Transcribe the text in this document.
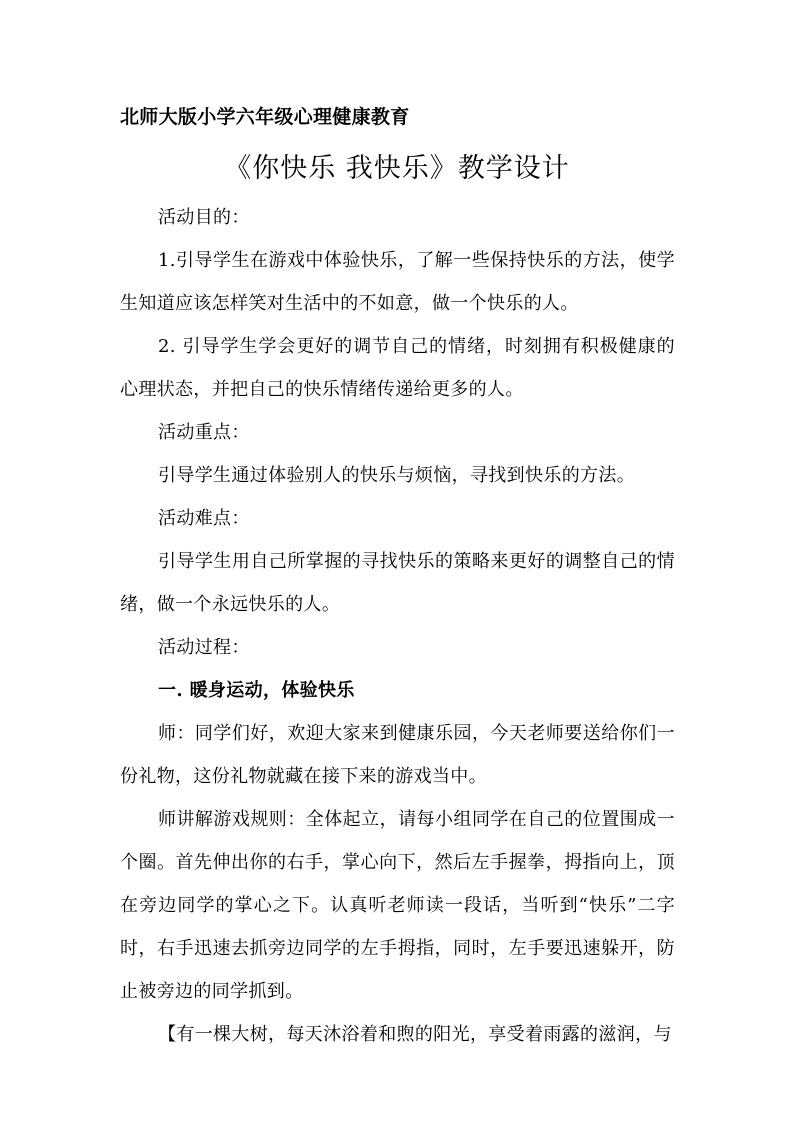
北师大版小学六年级心理健康教育
《你快乐 我快乐》教学设计

活动目的：

1.引导学生在游戏中体验快乐，了解一些保持快乐的方法，使学生知道应该怎样笑对生活中的不如意，做一个快乐的人。

2. 引导学生学会更好的调节自己的情绪，时刻拥有积极健康的心理状态，并把自己的快乐情绪传递给更多的人。

活动重点：

引导学生通过体验别人的快乐与烦恼，寻找到快乐的方法。

活动难点：

引导学生用自己所掌握的寻找快乐的策略来更好的调整自己的情绪，做一个永远快乐的人。

活动过程：

一. 暖身运动，体验快乐

师：同学们好，欢迎大家来到健康乐园，今天老师要送给你们一份礼物，这份礼物就藏在接下来的游戏当中。

师讲解游戏规则：全体起立，请每小组同学在自己的位置围成一个圈。首先伸出你的右手，掌心向下，然后左手握拳，拇指向上，顶在旁边同学的掌心之下。认真听老师读一段话，当听到“快乐”二字时，右手迅速去抓旁边同学的左手拇指，同时，左手要迅速躲开，防止被旁边的同学抓到。

【有一棵大树，每天沐浴着和煦的阳光，享受着雨露的滋润，与
